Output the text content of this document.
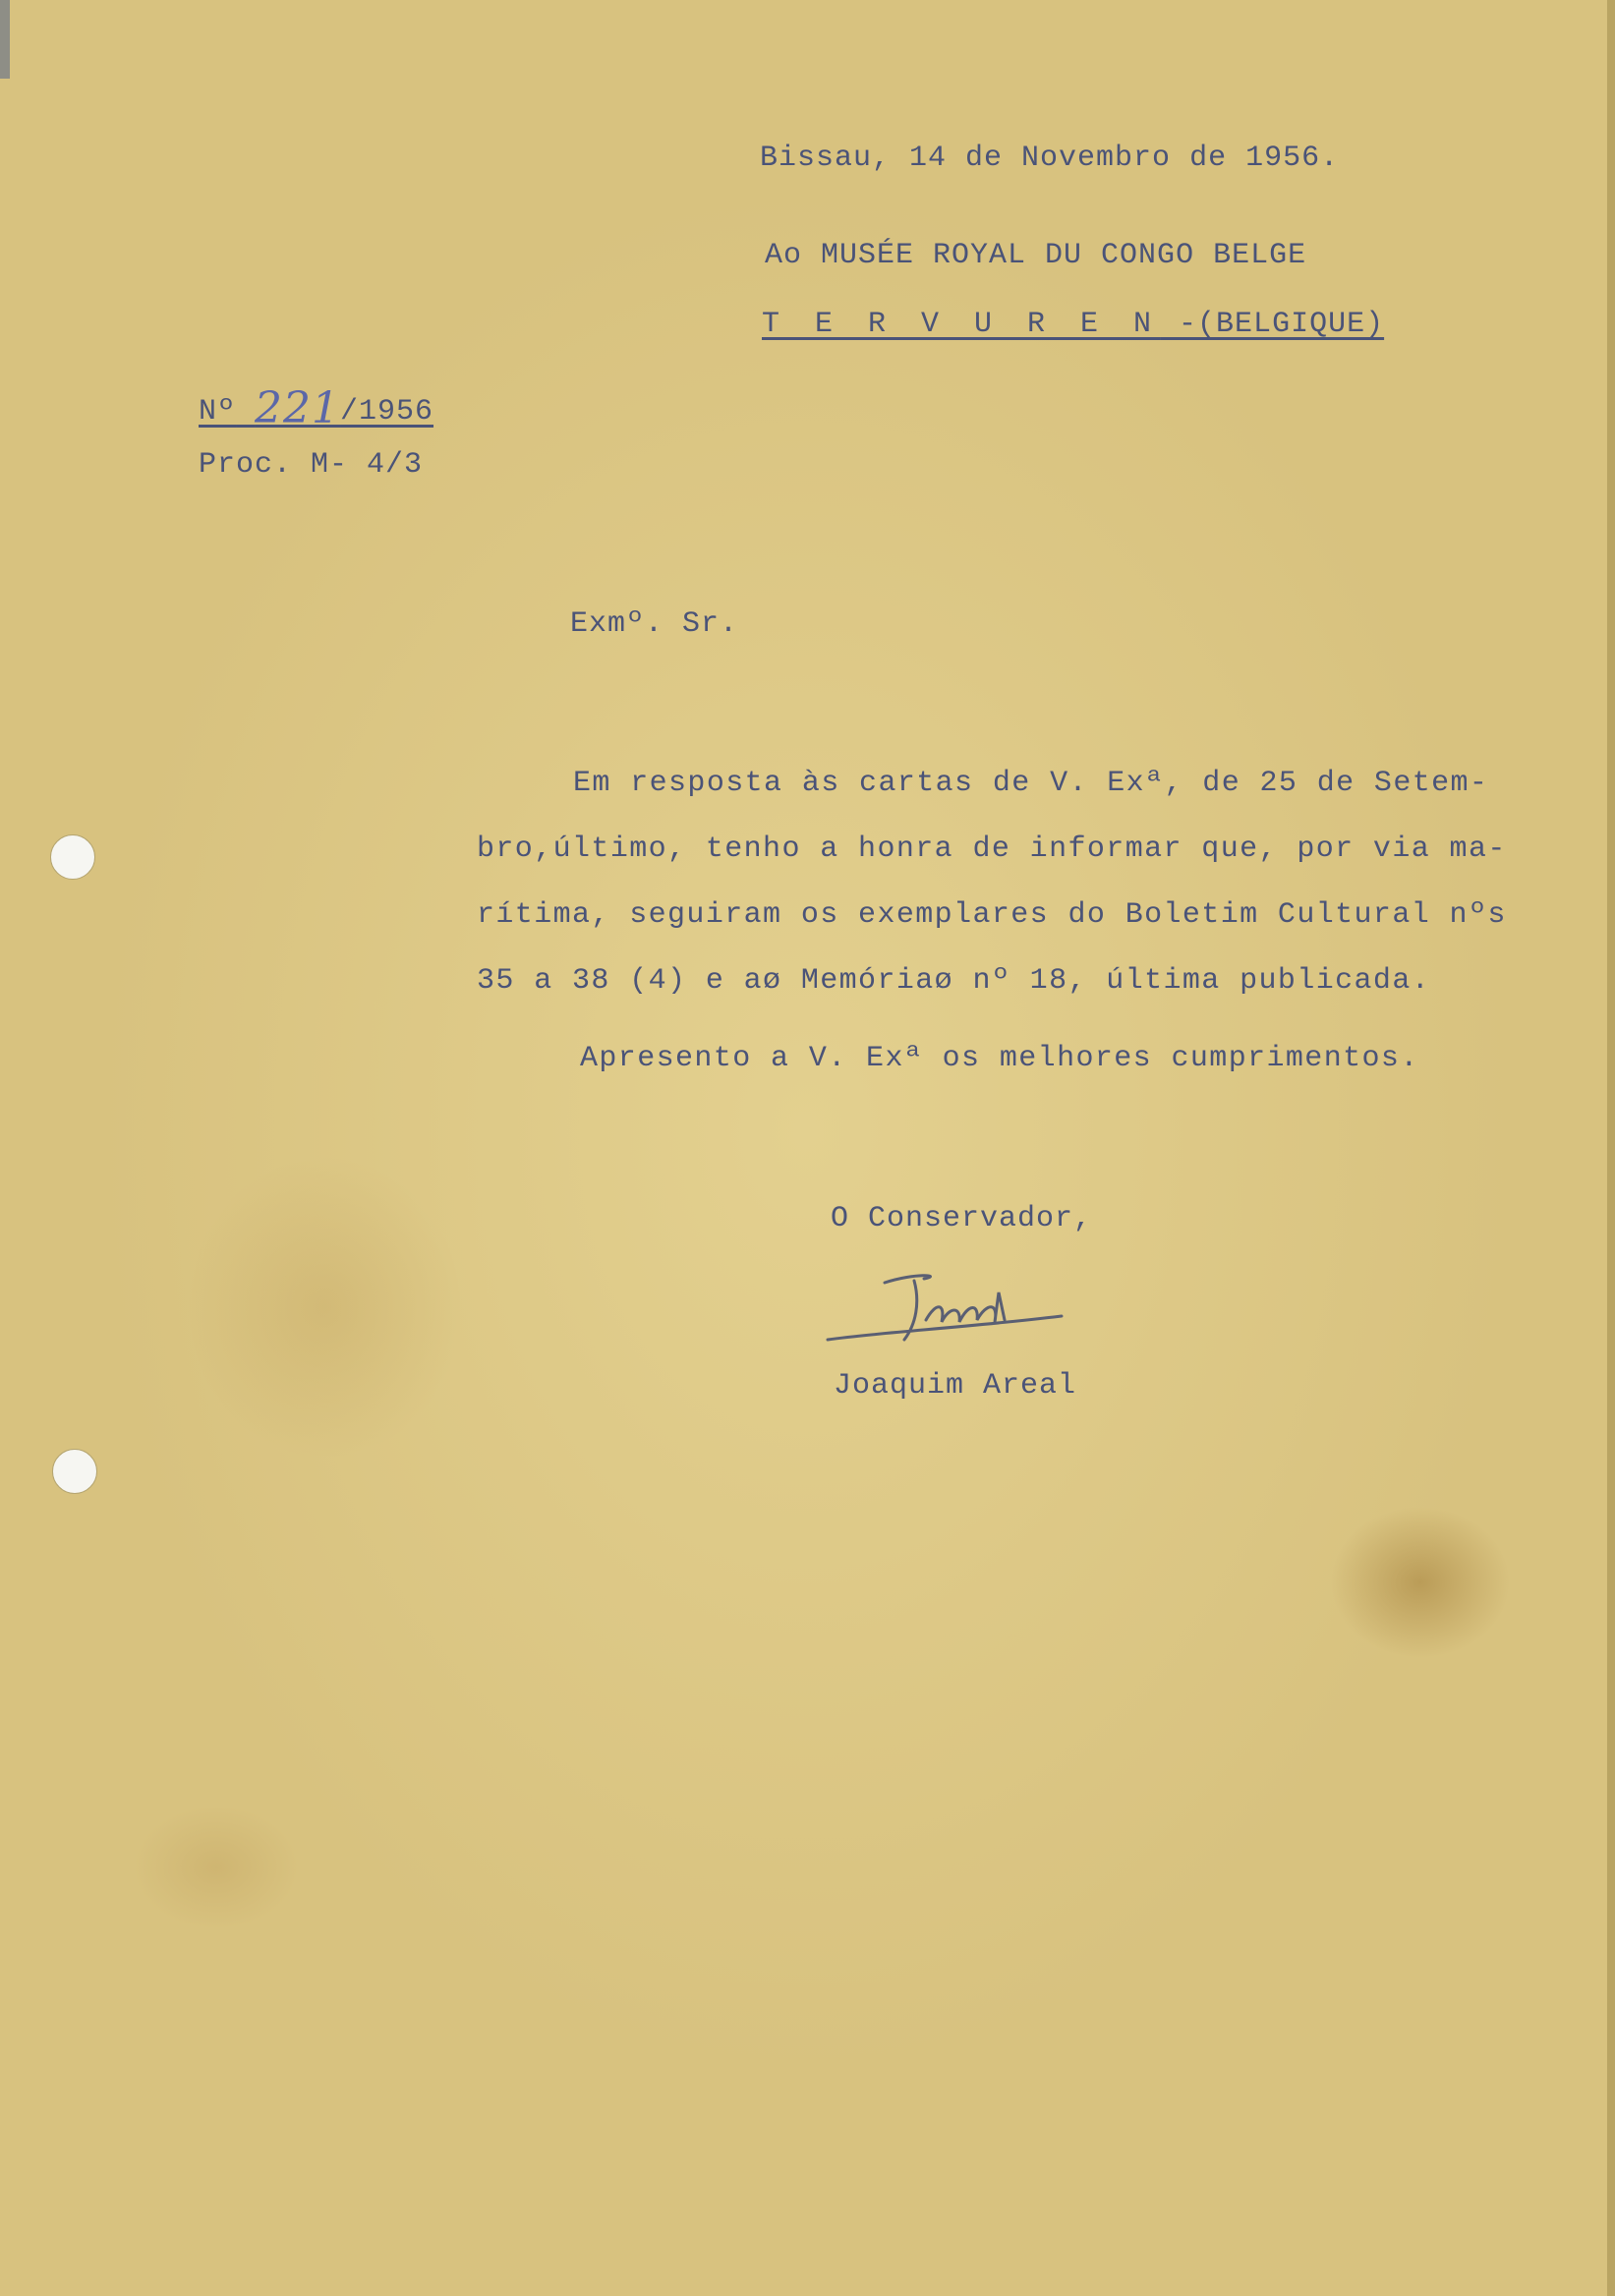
Bissau, 14 de Novembro de 1956.
Ao MUSÉE ROYAL DU CONGO BELGE
T E R V U R E N -(BELGIQUE)
Nº 221/1956
Proc. M- 4/3
Exmº. Sr.
Em resposta às cartas de V. Exª, de 25 de Setem-
bro,último, tenho a honra de informar que, por via ma-
rítima, seguiram os exemplares do Boletim Cultural nºs
35 a 38 (4) e aø Memóriaø nº 18, última publicada.
Apresento a V. Exª os melhores cumprimentos.
O Conservador,
Joaquim Areal
